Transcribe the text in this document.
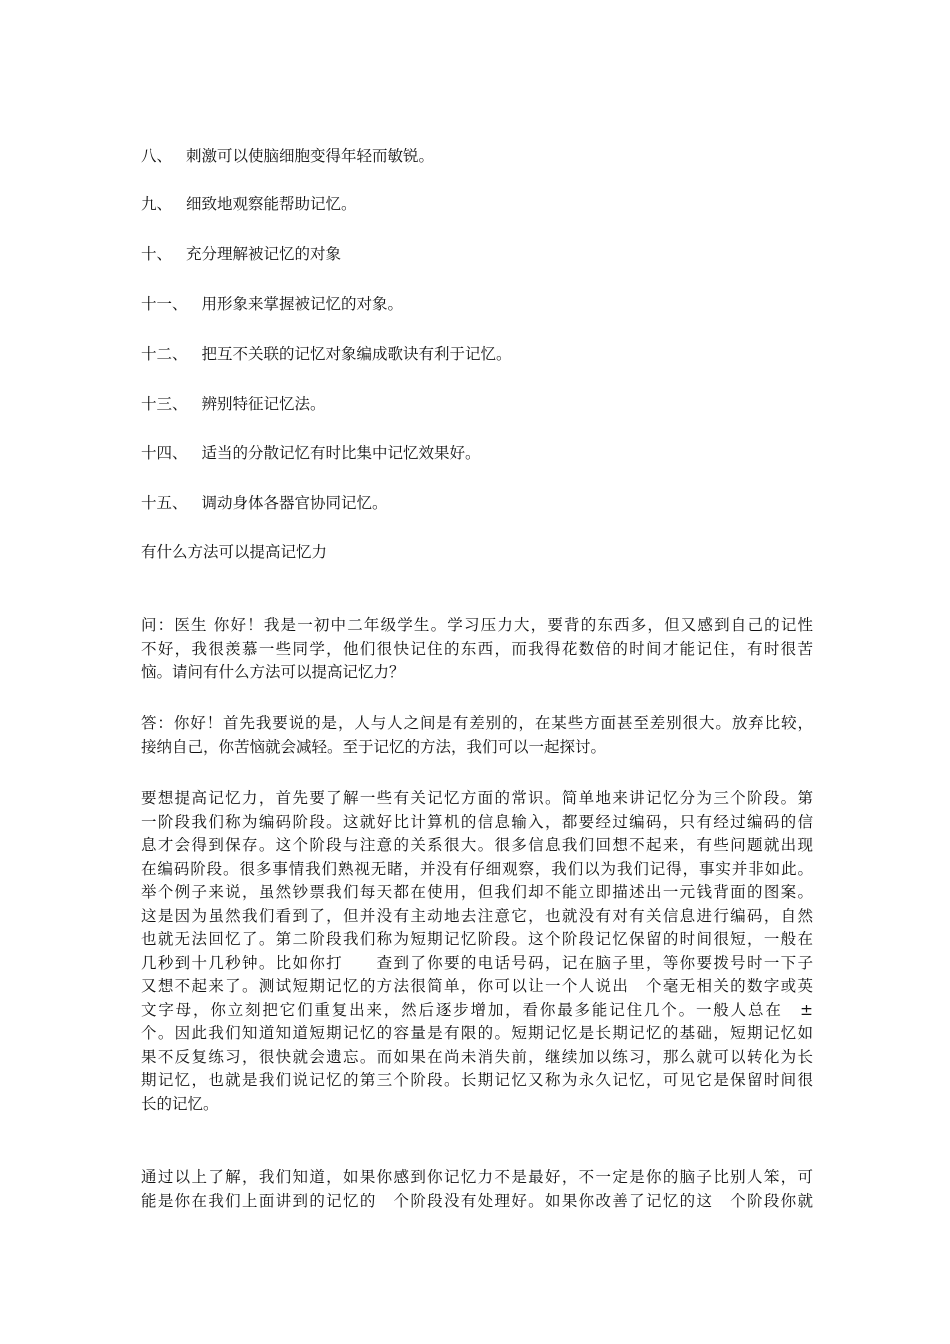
八、 刺激可以使脑细胞变得年轻而敏锐。
九、 细致地观察能帮助记忆。
十、 充分理解被记忆的对象
十一、 用形象来掌握被记忆的对象。
十二、 把互不关联的记忆对象编成歌诀有利于记忆。
十三、 辨别特征记忆法。
十四、 适当的分散记忆有时比集中记忆效果好。
十五、 调动身体各器官协同记忆。
有什么方法可以提高记忆力
问：医生 你好！我是一初中二年级学生。学习压力大，要背的东西多，但又感到自己的记性
不好，我很羡慕一些同学，他们很快记住的东西，而我得花数倍的时间才能记住，有时很苦
恼。请问有什么方法可以提高记忆力？
答：你好！首先我要说的是，人与人之间是有差别的，在某些方面甚至差别很大。放弃比较，
接纳自己，你苦恼就会减轻。至于记忆的方法，我们可以一起探讨。
要想提高记忆力，首先要了解一些有关记忆方面的常识。简单地来讲记忆分为三个阶段。第
一阶段我们称为编码阶段。这就好比计算机的信息输入，都要经过编码，只有经过编码的信
息才会得到保存。这个阶段与注意的关系很大。很多信息我们回想不起来，有些问题就出现
在编码阶段。很多事情我们熟视无睹，并没有仔细观察，我们以为我们记得，事实并非如此。
举个例子来说，虽然钞票我们每天都在使用，但我们却不能立即描述出一元钱背面的图案。
这是因为虽然我们看到了，但并没有主动地去注意它，也就没有对有关信息进行编码，自然
也就无法回忆了。第二阶段我们称为短期记忆阶段。这个阶段记忆保留的时间很短，一般在
几秒到十几秒钟。比如你打　　查到了你要的电话号码，记在脑子里，等你要拨号时一下子
又想不起来了。测试短期记忆的方法很简单，你可以让一个人说出　个毫无相关的数字或英
文字母，你立刻把它们重复出来，然后逐步增加，看你最多能记住几个。一般人总在　±
个。因此我们知道知道短期记忆的容量是有限的。短期记忆是长期记忆的基础，短期记忆如
果不反复练习，很快就会遗忘。而如果在尚未消失前，继续加以练习，那么就可以转化为长
期记忆，也就是我们说记忆的第三个阶段。长期记忆又称为永久记忆，可见它是保留时间很
长的记忆。
通过以上了解，我们知道，如果你感到你记忆力不是最好，不一定是你的脑子比别人笨，可
能是你在我们上面讲到的记忆的　个阶段没有处理好。如果你改善了记忆的这　个阶段你就
